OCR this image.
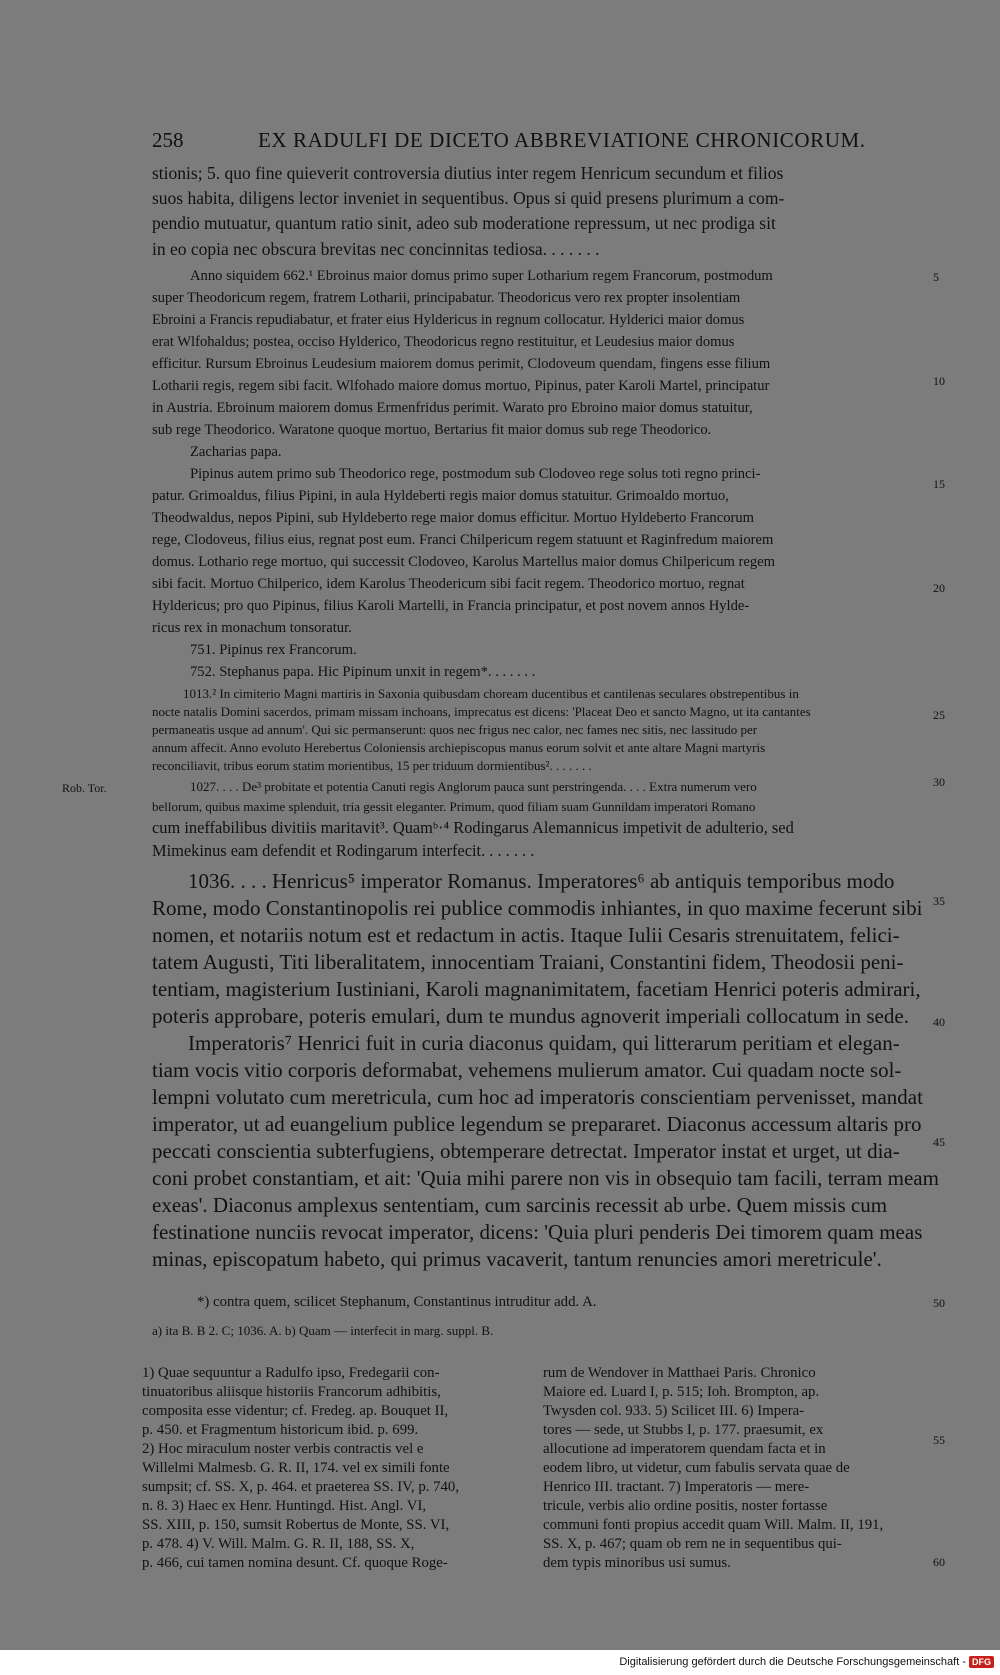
258	EX RADULFI DE DICETO ABBREVIATIONE CHRONICORUM.
stionis; 5. quo fine quieverit controversia diutius inter regem Henricum secundum et filios
suos habita, diligens lector inveniet in sequentibus. Opus si quid presens plurimum a com-
pendio mutuatur, quantum ratio sinit, adeo sub moderatione repressum, ut nec prodiga sit
in eo copia nec obscura brevitas nec concinnitas tediosa. . . . . . .
Anno siquidem 662.¹ Ebroinus maior domus primo super Lotharium regem Francorum, postmodum
super Theodoricum regem, fratrem Lotharii, principabatur. Theodoricus vero rex propter insolentiam
Ebroini a Francis repudiabatur, et frater eius Hyldericus in regnum collocatur. Hylderici maior domus
erat Wlfohaldus; postea, occiso Hylderico, Theodoricus regno restituitur, et Leudesius maior domus
efficitur. Rursum Ebroinus Leudesium maiorem domus perimit, Clodoveum quendam, fingens esse filium
Lotharii regis, regem sibi facit. Wlfohado maiore domus mortuo, Pipinus, pater Karoli Martel, principatur
in Austria. Ebroinum maiorem domus Ermenfridus perimit. Warato pro Ebroino maior domus statuitur,
sub rege Theodorico. Waratone quoque mortuo, Bertarius fit maior domus sub rege Theodorico.
Zacharias papa.
Pipinus autem primo sub Theodorico rege, postmodum sub Clodoveo rege solus toti regno princi-
patur. Grimoaldus, filius Pipini, in aula Hyldeberti regis maior domus statuitur. Grimoaldo mortuo,
Theodwaldus, nepos Pipini, sub Hyldeberto rege maior domus efficitur. Mortuo Hyldeberto Francorum
rege, Clodoveus, filius eius, regnat post eum. Franci Chilpericum regem statuunt et Raginfredum maiorem
domus. Lothario rege mortuo, qui successit Clodoveo, Karolus Martellus maior domus Chilpericum regem
sibi facit. Mortuo Chilperico, idem Karolus Theodericum sibi facit regem. Theodorico mortuo, regnat
Hyldericus; pro quo Pipinus, filius Karoli Martelli, in Francia principatur, et post novem annos Hylde-
ricus rex in monachum tonsoratur.
751. Pipinus rex Francorum.
752. Stephanus papa. Hic Pipinum unxit in regem*. . . . . . .
1013.² In cimiterio Magni martiris in Saxonia quibusdam choream ducentibus et cantilenas seculares obstrepentibus in
nocte natalis Domini sacerdos, primam missam inchoans, imprecatus est dicens: 'Placeat Deo et sancto Magno, ut ita cantantes
permaneatis usque ad annum'. Qui sic permanserunt: quos nec frigus nec calor, nec fames nec sitis, nec lassitudo per
annum affecit. Anno evoluto Herebertus Coloniensis archiepiscopus manus eorum solvit et ante altare Magni martyris
reconciliavit, tribus eorum statim morientibus, 15 per triduum dormientibus². . . . . . .
Rob. Tor.	1027. . . . De³ probitate et potentia Canuti regis Anglorum pauca sunt perstringenda. . . . Extra numerum vero
bellorum, quibus maxime splenduit, tria gessit eleganter. Primum, quod filiam suam Gunnildam imperatori Romano
cum ineffabilibus divitiis maritavit³. Quamᵇ·⁴ Rodingarus Alemannicus impetivit de adulterio, sed
Mimekinus eam defendit et Rodingarum interfecit. . . . . . .
1036. . . . Henricus⁵ imperator Romanus. Imperatores⁶ ab antiquis temporibus modo
Rome, modo Constantinopolis rei publice commodis inhiantes, in quo maxime fecerunt sibi
nomen, et notariis notum est et redactum in actis. Itaque Iulii Cesaris strenuitatem, felici-
tatem Augusti, Titi liberalitatem, innocentiam Traiani, Constantini fidem, Theodosii peni-
tentiam, magisterium Iustiniani, Karoli magnanimitatem, facetiam Henrici poteris admirari,
poteris approbare, poteris emulari, dum te mundus agnoverit imperiali collocatum in sede.
Imperatoris⁷ Henrici fuit in curia diaconus quidam, qui litterarum peritiam et elegan-
tiam vocis vitio corporis deformabat, vehemens mulierum amator. Cui quadam nocte sol-
lempni volutato cum meretricula, cum hoc ad imperatoris conscientiam pervenisset, mandat
imperator, ut ad euangelium publice legendum se prepararet. Diaconus accessum altaris pro
peccati conscientia subterfugiens, obtemperare detrectat. Imperator instat et urget, ut dia-
coni probet constantiam, et ait: 'Quia mihi parere non vis in obsequio tam facili, terram meam
exeas'. Diaconus amplexus sententiam, cum sarcinis recessit ab urbe. Quem missis cum
festinatione nunciis revocat imperator, dicens: 'Quia pluri penderis Dei timorem quam meas
minas, episcopatum habeto, qui primus vacaverit, tantum renuncies amori meretricule'.
*) contra quem, scilicet Stephanum, Constantinus intruditur add. A.
a) ita B. B 2. C; 1036. A. b) Quam — interfecit in marg. suppl. B.
1) Quae sequuntur a Radulfo ipso, Fredegarii con-
tinuatoribus aliisque historiis Francorum adhibitis,
composita esse videntur; cf. Fredeg. ap. Bouquet II,
p. 450. et Fragmentum historicum ibid. p. 699.
2) Hoc miraculum noster verbis contractis vel e
Willelmi Malmesb. G. R. II, 174. vel ex simili fonte
sumpsit; cf. SS. X, p. 464. et praeterea SS. IV, p. 740,
n. 8. 3) Haec ex Henr. Huntingd. Hist. Angl. VI,
SS. XIII, p. 150, sumsit Robertus de Monte, SS. VI,
p. 478. 4) V. Will. Malm. G. R. II, 188, SS. X,
p. 466, cui tamen nomina desunt. Cf. quoque Roge-
rum de Wendover in Matthaei Paris. Chronico
Maiore ed. Luard I, p. 515; Ioh. Brompton, ap.
Twysden col. 933. 5) Scilicet III. 6) Impera-
tores — sede, ut Stubbs I, p. 177. praesumit, ex
allocutione ad imperatorem quendam facta et in
eodem libro, ut videtur, cum fabulis servata quae de
Henrico III. tractant. 7) Imperatoris — mere-
tricule, verbis alio ordine positis, noster fortasse
communi fonti propius accedit quam Will. Malm. II, 191,
SS. X, p. 467; quam ob rem ne in sequentibus qui-
dem typis minoribus usi sumus.
5
10
15
20
25
30
35
40
45
50
55
60
Digitalisierung gefördert durch die Deutsche Forschungsgemeinschaft - DFG
